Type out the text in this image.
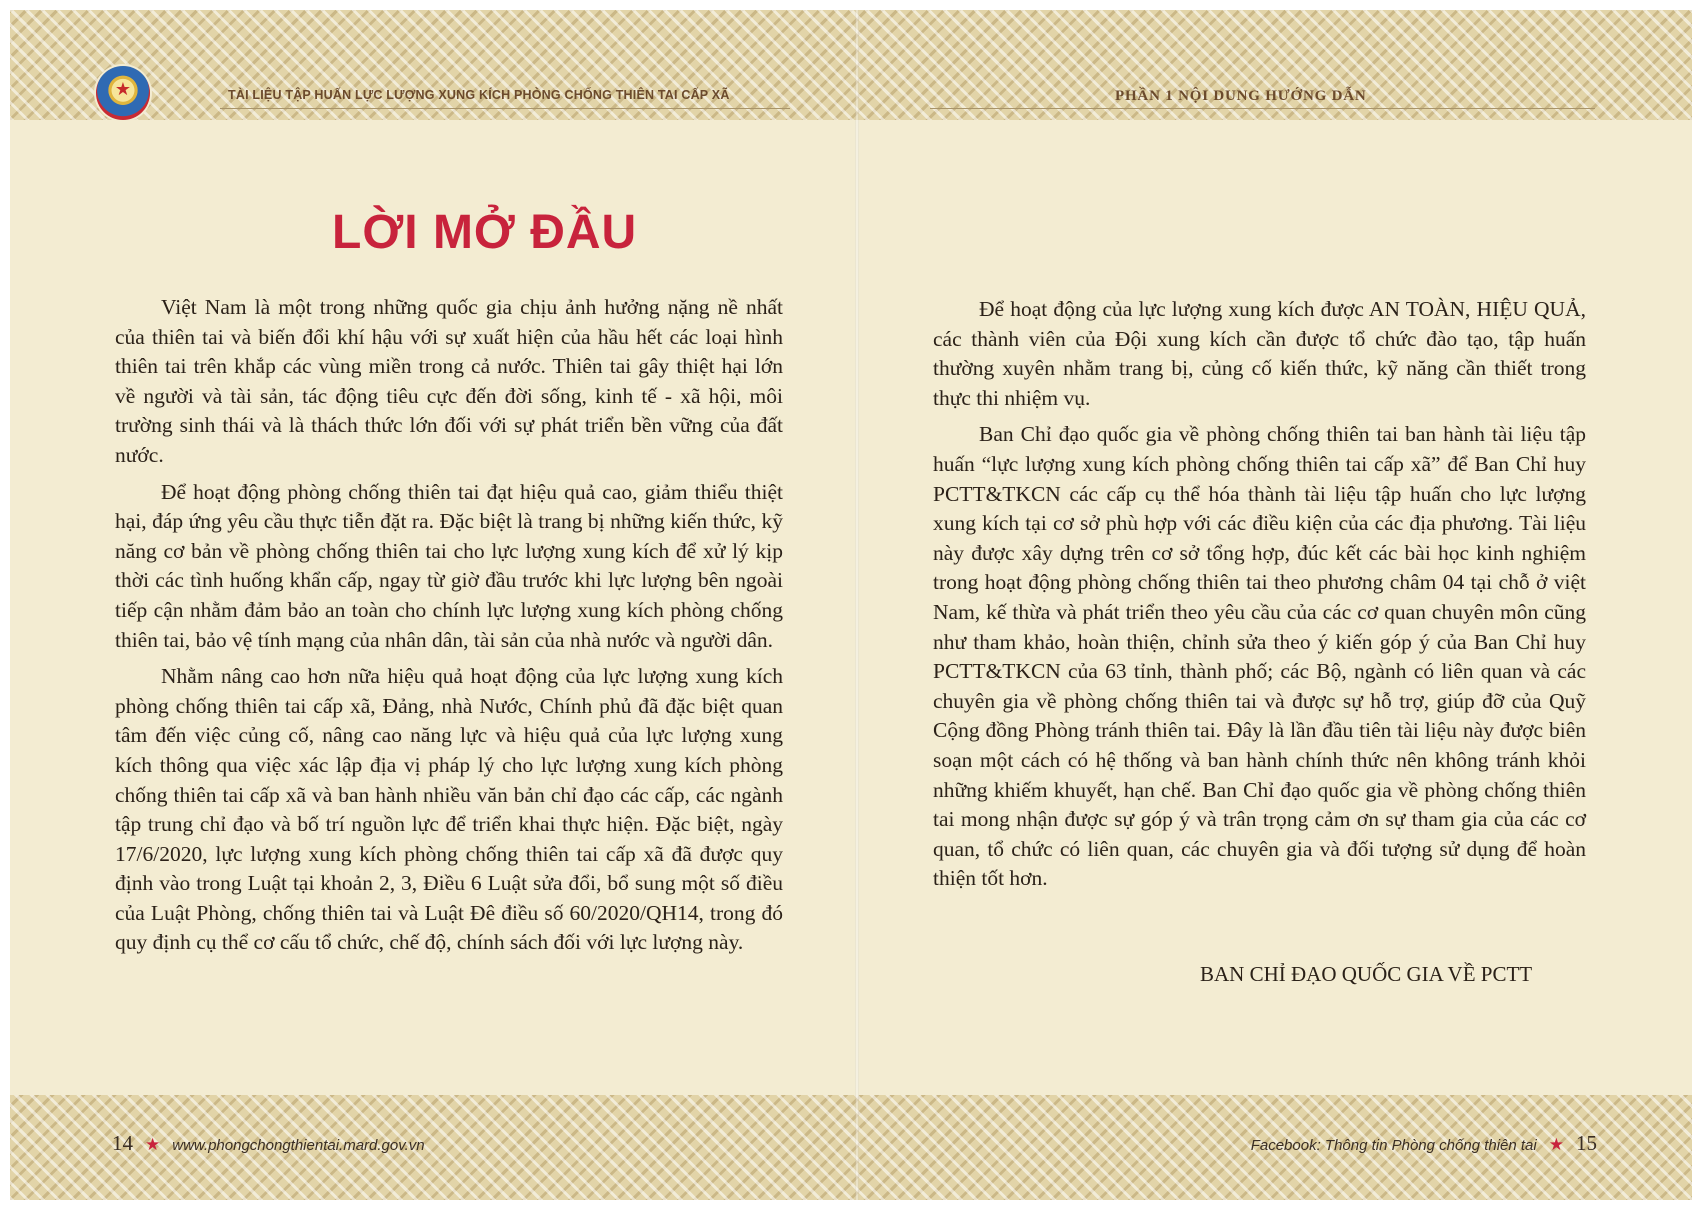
★	TÀI LIỆU TẬP HUẤN LỰC LƯỢNG XUNG KÍCH PHÒNG CHỐNG THIÊN TAI CẤP XÃ	PHẦN 1 NỘI DUNG HƯỚNG DẪN
LỜI MỞ ĐẦU

Việt Nam là một trong những quốc gia chịu ảnh hưởng nặng nề nhất của thiên tai và biến đổi khí hậu với sự xuất hiện của hầu hết các loại hình thiên tai trên khắp các vùng miền trong cả nước. Thiên tai gây thiệt hại lớn về người và tài sản, tác động tiêu cực đến đời sống, kinh tế - xã hội, môi trường sinh thái và là thách thức lớn đối với sự phát triển bền vững của đất nước.

Để hoạt động phòng chống thiên tai đạt hiệu quả cao, giảm thiểu thiệt hại, đáp ứng yêu cầu thực tiễn đặt ra. Đặc biệt là trang bị những kiến thức, kỹ năng cơ bản về phòng chống thiên tai cho lực lượng xung kích để xử lý kịp thời các tình huống khẩn cấp, ngay từ giờ đầu trước khi lực lượng bên ngoài tiếp cận nhằm đảm bảo an toàn cho chính lực lượng xung kích phòng chống thiên tai, bảo vệ tính mạng của nhân dân, tài sản của nhà nước và người dân.

Nhằm nâng cao hơn nữa hiệu quả hoạt động của lực lượng xung kích phòng chống thiên tai cấp xã, Đảng, nhà Nước, Chính phủ đã đặc biệt quan tâm đến việc củng cố, nâng cao năng lực và hiệu quả của lực lượng xung kích thông qua việc xác lập địa vị pháp lý cho lực lượng xung kích phòng chống thiên tai cấp xã và ban hành nhiều văn bản chỉ đạo các cấp, các ngành tập trung chỉ đạo và bố trí nguồn lực để triển khai thực hiện. Đặc biệt, ngày 17/6/2020, lực lượng xung kích phòng chống thiên tai cấp xã đã được quy định vào trong Luật tại khoản 2, 3, Điều 6 Luật sửa đổi, bổ sung một số điều của Luật Phòng, chống thiên tai và Luật Đê điều số 60/2020/QH14, trong đó quy định cụ thể cơ cấu tổ chức, chế độ, chính sách đối với lực lượng này.

Để hoạt động của lực lượng xung kích được AN TOÀN, HIỆU QUẢ, các thành viên của Đội xung kích cần được tổ chức đào tạo, tập huấn thường xuyên nhằm trang bị, củng cố kiến thức, kỹ năng cần thiết trong thực thi nhiệm vụ.

Ban Chỉ đạo quốc gia về phòng chống thiên tai ban hành tài liệu tập huấn “lực lượng xung kích phòng chống thiên tai cấp xã” để Ban Chỉ huy PCTT&TKCN các cấp cụ thể hóa thành tài liệu tập huấn cho lực lượng xung kích tại cơ sở phù hợp với các điều kiện của các địa phương. Tài liệu này được xây dựng trên cơ sở tổng hợp, đúc kết các bài học kinh nghiệm trong hoạt động phòng chống thiên tai theo phương châm 04 tại chỗ ở việt Nam, kế thừa và phát triển theo yêu cầu của các cơ quan chuyên môn cũng như tham khảo, hoàn thiện, chỉnh sửa theo ý kiến góp ý của Ban Chỉ huy PCTT&TKCN của 63 tỉnh, thành phố; các Bộ, ngành có liên quan và các chuyên gia về phòng chống thiên tai và được sự hỗ trợ, giúp đỡ của Quỹ Cộng đồng Phòng tránh thiên tai. Đây là lần đầu tiên tài liệu này được biên soạn một cách có hệ thống và ban hành chính thức nên không tránh khỏi những khiếm khuyết, hạn chế. Ban Chỉ đạo quốc gia về phòng chống thiên tai mong nhận được sự góp ý và trân trọng cảm ơn sự tham gia của các cơ quan, tổ chức có liên quan, các chuyên gia và đối tượng sử dụng để hoàn thiện tốt hơn.

BAN CHỈ ĐẠO QUỐC GIA VỀ PCTT
14 ★ www.phongchongthientai.mard.gov.vn	Facebook: Thông tin Phòng chống thiên tai ★ 15
